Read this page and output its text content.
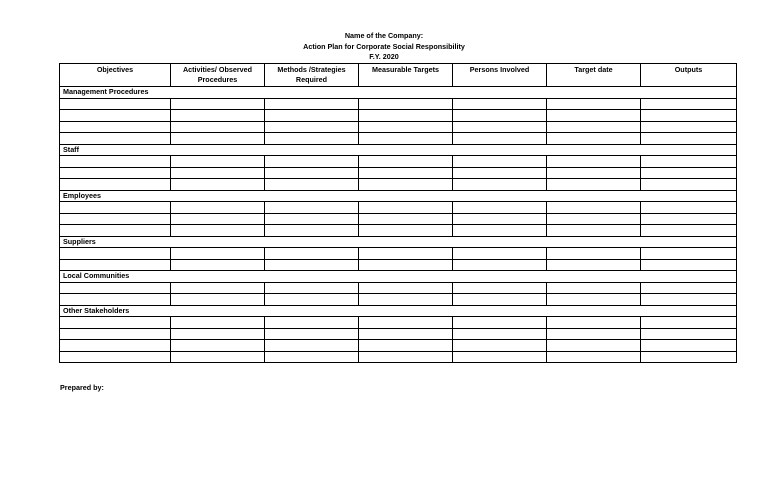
Name of the Company:
Action Plan for Corporate Social Responsibility
F.Y. 2020
Objectives	Activities/ Observed Procedures	Methods /Strategies Required	Measurable Targets	Persons Involved	Target date	Outputs
Management Procedures						

Staff						

Employees						

Suppliers						

Local Communities						

Other Stakeholders						

Prepared by:
